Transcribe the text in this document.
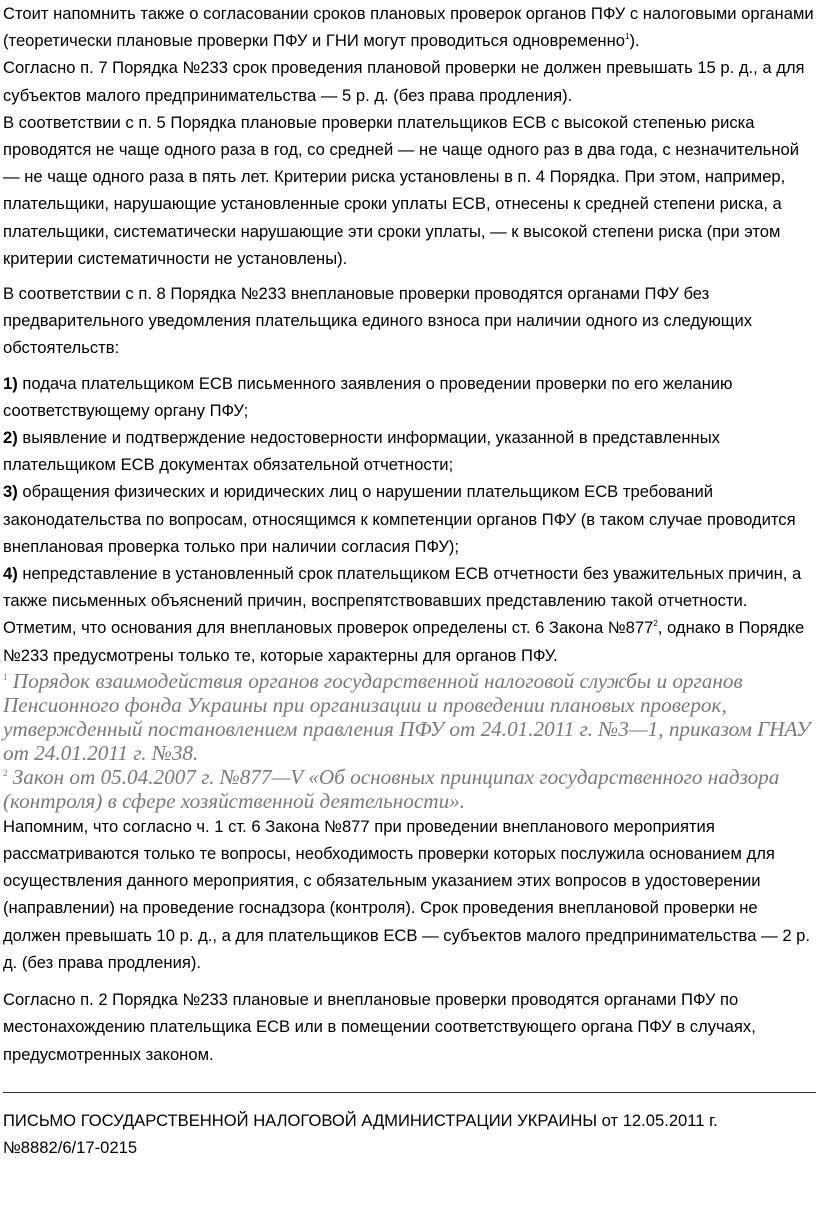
Стоит напомнить также о согласовании сроков плановых проверок органов ПФУ с налоговыми органами (теоретически плановые проверки ПФУ и ГНИ могут проводиться одновременно$^1$).

Согласно п. 7 Порядка №233 срок проведения плановой проверки не должен превышать 15 р. д., а для субъектов малого предпринимательства — 5 р. д. (без права продления).

В соответствии с п. 5 Порядка плановые проверки плательщиков ЕСВ с высокой степенью риска проводятся не чаще одного раза в год, со средней — не чаще одного раз в два года, с незначительной — не чаще одного раза в пять лет. Критерии риска установлены в п. 4 Порядка. При этом, например, плательщики, нарушающие установленные сроки уплаты ЕСВ, отнесены к средней степени риска, а плательщики, систематически нарушающие эти сроки уплаты, — к высокой степени риска (при этом критерии систематичности не установлены).

В соответствии с п. 8 Порядка №233 внеплановые проверки проводятся органами ПФУ без предварительного уведомления плательщика единого взноса при наличии одного из следующих обстоятельств:

1) подача плательщиком ЕСВ письменного заявления о проведении проверки по его желанию соответствующему органу ПФУ;

2) выявление и подтверждение недостоверности информации, указанной в представленных плательщиком ЕСВ документах обязательной отчетности;

3) обращения физических и юридических лиц о нарушении плательщиком ЕСВ требований законодательства по вопросам, относящимся к компетенции органов ПФУ (в таком случае проводится внеплановая проверка только при наличии согласия ПФУ);

4) непредставление в установленный срок плательщиком ЕСВ отчетности без уважительных причин, а также письменных объяснений причин, воспрепятствовавших представлению такой отчетности.

Отметим, что основания для внеплановых проверок определены ст. 6 Закона №877$^2$, однако в Порядке №233 предусмотрены только те, которые характерны для органов ПФУ.

$^1$ Порядок взаимодействия органов государственной налоговой службы и органов Пенсионного фонда Украины при организации и проведении плановых проверок, утвержденный постановлением правления ПФУ от 24.01.2011 г. №3—1, приказом ГНАУ от 24.01.2011 г. №38.

$^2$ Закон от 05.04.2007 г. №877—V «Об основных принципах государственного надзора (контроля) в сфере хозяйственной деятельности».

Напомним, что согласно ч. 1 ст. 6 Закона №877 при проведении внепланового мероприятия рассматриваются только те вопросы, необходимость проверки которых послужила основанием для осуществления данного мероприятия, с обязательным указанием этих вопросов в удостоверении (направлении) на проведение госнадзора (контроля). Срок проведения внеплановой проверки не должен превышать 10 р. д., а для плательщиков ЕСВ — субъектов малого предпринимательства — 2 р. д. (без права продления).

Согласно п. 2 Порядка №233 плановые и внеплановые проверки проводятся органами ПФУ по местонахождению плательщика ЕСВ или в помещении соответствующего органа ПФУ в случаях, предусмотренных законом.

ПИСЬМО ГОСУДАРСТВЕННОЙ НАЛОГОВОЙ АДМИНИСТРАЦИИ УКРАИНЫ от 12.05.2011 г. №8882/6/17-0215
